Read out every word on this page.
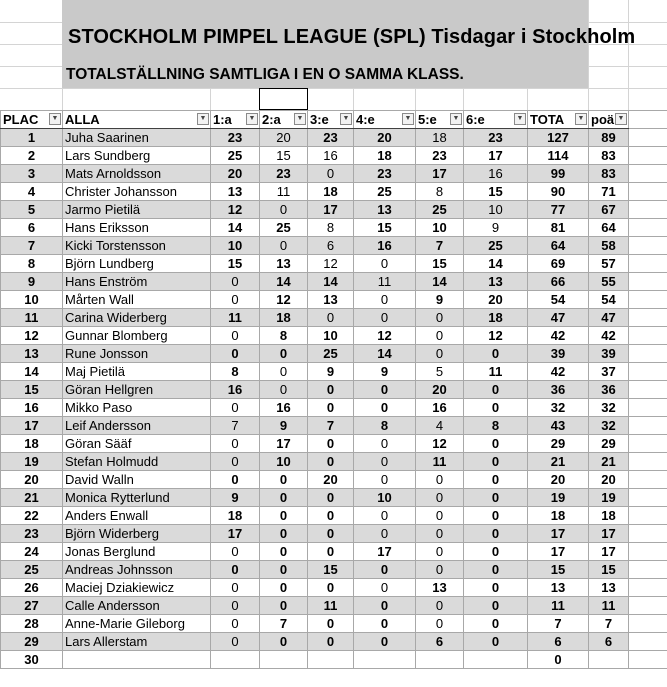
STOCKHOLM PIMPEL LEAGUE (SPL) Tisdagar i Stockholm
TOTALSTÄLLNING SAMTLIGA I EN O SAMMA KLASS.
PLAC ▼	ALLA ▼	1:a ▼	2:a ▼	3:e ▼	4:e ▼	5:e ▼	6:e ▼	TOTA ▼	poä ▼	

1	Juha Saarinen	23	20	23	20	18	23	127	89	
2	Lars Sundberg	25	15	16	18	23	17	114	83	
3	Mats Arnoldsson	20	23	0	23	17	16	99	83	
4	Christer Johansson	13	11	18	25	8	15	90	71	
5	Jarmo Pietilä	12	0	17	13	25	10	77	67	
6	Hans Eriksson	14	25	8	15	10	9	81	64	
7	Kicki Torstensson	10	0	6	16	7	25	64	58	
8	Björn Lundberg	15	13	12	0	15	14	69	57	
9	Hans Enström	0	14	14	11	14	13	66	55	
10	Mårten Wall	0	12	13	0	9	20	54	54	
11	Carina Widerberg	11	18	0	0	0	18	47	47	
12	Gunnar Blomberg	0	8	10	12	0	12	42	42	
13	Rune Jonsson	0	0	25	14	0	0	39	39	
14	Maj Pietilä	8	0	9	9	5	11	42	37	
15	Göran Hellgren	16	0	0	0	20	0	36	36	
16	Mikko Paso	0	16	0	0	16	0	32	32	
17	Leif Andersson	7	9	7	8	4	8	43	32	
18	Göran Sääf	0	17	0	0	12	0	29	29	
19	Stefan Holmudd	0	10	0	0	11	0	21	21	
20	David Walln	0	0	20	0	0	0	20	20	
21	Monica Rytterlund	9	0	0	10	0	0	19	19	
22	Anders Enwall	18	0	0	0	0	0	18	18	
23	Björn Widerberg	17	0	0	0	0	0	17	17	
24	Jonas Berglund	0	0	0	17	0	0	17	17	
25	Andreas Johnsson	0	0	15	0	0	0	15	15	
26	Maciej Dziakiewicz	0	0	0	0	13	0	13	13	
27	Calle Andersson	0	0	11	0	0	0	11	11	
28	Anne-Marie Gileborg	0	7	0	0	0	0	7	7	
29	Lars Allerstam	0	0	0	0	6	0	6	6	
30								0		
